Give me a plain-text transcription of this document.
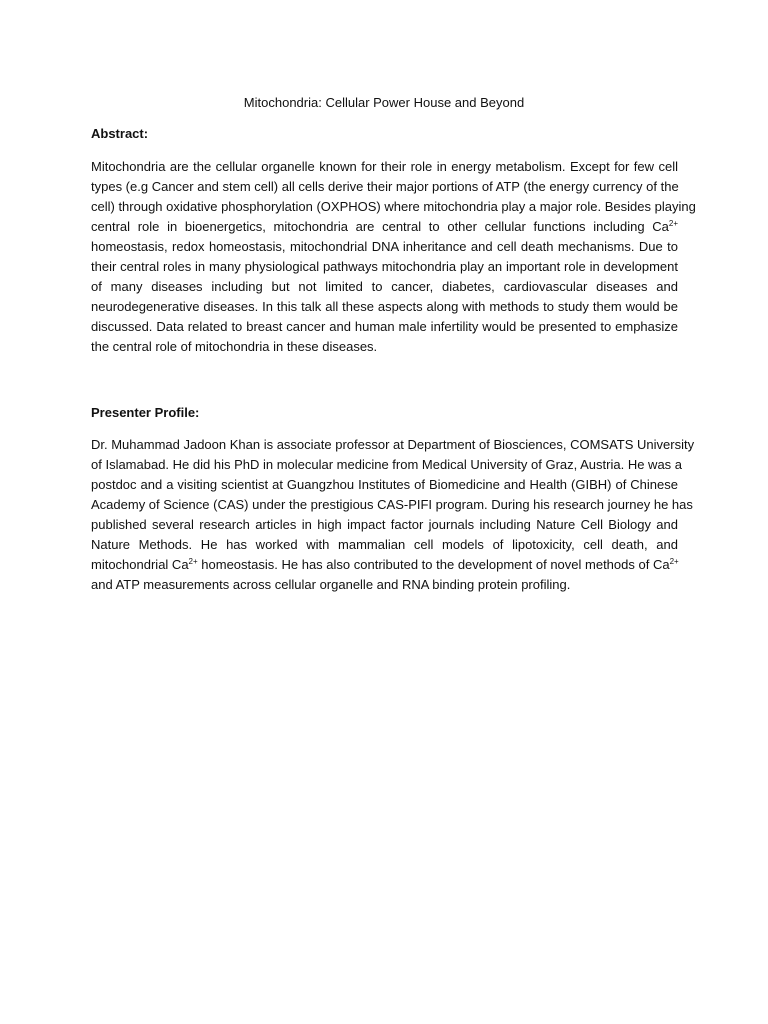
Mitochondria: Cellular Power House and Beyond
Abstract:
Mitochondria are the cellular organelle known for their role in energy metabolism. Except for few cell
types (e.g Cancer and stem cell) all cells derive their major portions of ATP (the energy currency of the
cell) through oxidative phosphorylation (OXPHOS) where mitochondria play a major role. Besides playing
central role in bioenergetics, mitochondria are central to other cellular functions including $Ca^{2+}$
homeostasis, redox homeostasis, mitochondrial DNA inheritance and cell death mechanisms. Due to
their central roles in many physiological pathways mitochondria play an important role in development
of many diseases including but not limited to cancer, diabetes, cardiovascular diseases and
neurodegenerative diseases. In this talk all these aspects along with methods to study them would be
discussed. Data related to breast cancer and human male infertility would be presented to emphasize
the central role of mitochondria in these diseases.
Presenter Profile:
Dr. Muhammad Jadoon Khan is associate professor at Department of Biosciences, COMSATS University
of Islamabad. He did his PhD in molecular medicine from Medical University of Graz, Austria. He was a
postdoc and a visiting scientist at Guangzhou Institutes of Biomedicine and Health (GIBH) of Chinese
Academy of Science (CAS) under the prestigious CAS-PIFI program. During his research journey he has
published several research articles in high impact factor journals including Nature Cell Biology and
Nature Methods. He has worked with mammalian cell models of lipotoxicity, cell death, and
mitochondrial $Ca^{2+}$ homeostasis. He has also contributed to the development of novel methods of $Ca^{2+}$
and ATP measurements across cellular organelle and RNA binding protein profiling.
